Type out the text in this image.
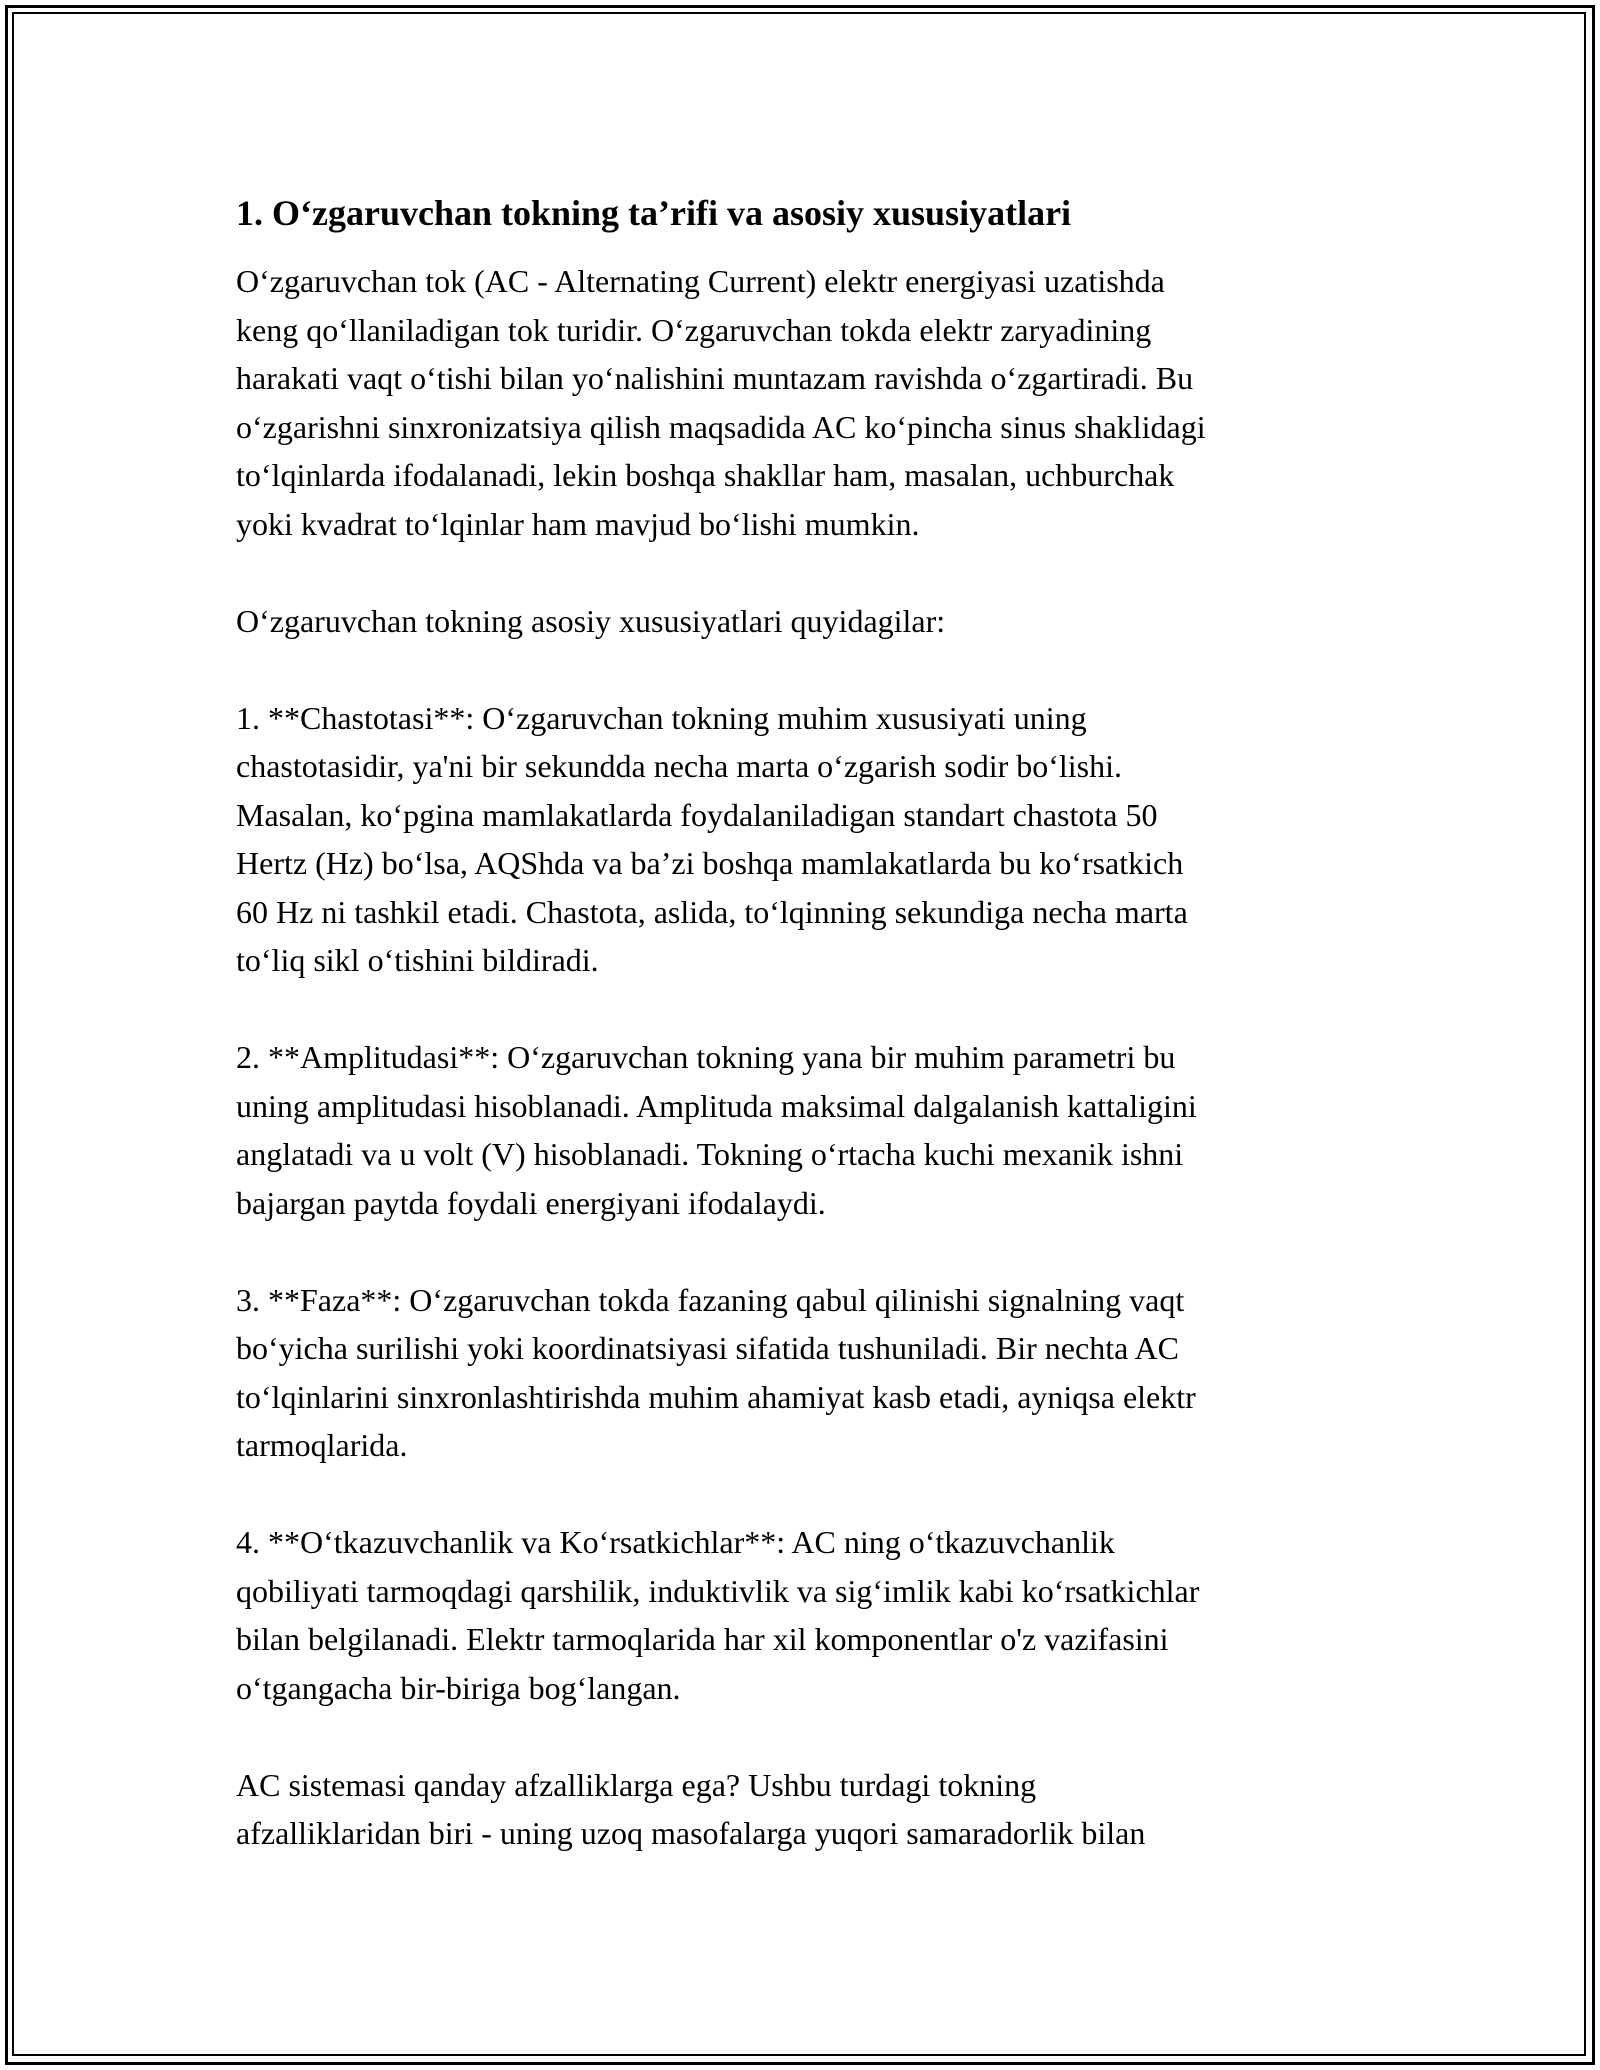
1. O‘zgaruvchan tokning ta’rifi va asosiy xususiyatlari
O‘zgaruvchan tok (AC - Alternating Current) elektr energiyasi uzatishda
keng qo‘llaniladigan tok turidir. O‘zgaruvchan tokda elektr zaryadining
harakati vaqt o‘tishi bilan yo‘nalishini muntazam ravishda o‘zgartiradi. Bu
o‘zgarishni sinxronizatsiya qilish maqsadida AC ko‘pincha sinus shaklidagi
to‘lqinlarda ifodalanadi, lekin boshqa shakllar ham, masalan, uchburchak
yoki kvadrat to‘lqinlar ham mavjud bo‘lishi mumkin.
O‘zgaruvchan tokning asosiy xususiyatlari quyidagilar:
1. **Chastotasi**: O‘zgaruvchan tokning muhim xususiyati uning
chastotasidir, ya'ni bir sekundda necha marta o‘zgarish sodir bo‘lishi.
Masalan, ko‘pgina mamlakatlarda foydalaniladigan standart chastota 50
Hertz (Hz) bo‘lsa, AQShda va ba’zi boshqa mamlakatlarda bu ko‘rsatkich
60 Hz ni tashkil etadi. Chastota, aslida, to‘lqinning sekundiga necha marta
to‘liq sikl o‘tishini bildiradi.
2. **Amplitudasi**: O‘zgaruvchan tokning yana bir muhim parametri bu
uning amplitudasi hisoblanadi. Amplituda maksimal dalgalanish kattaligini
anglatadi va u volt (V) hisoblanadi. Tokning o‘rtacha kuchi mexanik ishni
bajargan paytda foydali energiyani ifodalaydi.
3. **Faza**: O‘zgaruvchan tokda fazaning qabul qilinishi signalning vaqt
bo‘yicha surilishi yoki koordinatsiyasi sifatida tushuniladi. Bir nechta AC
to‘lqinlarini sinxronlashtirishda muhim ahamiyat kasb etadi, ayniqsa elektr
tarmoqlarida.
4. **O‘tkazuvchanlik va Ko‘rsatkichlar**: AC ning o‘tkazuvchanlik
qobiliyati tarmoqdagi qarshilik, induktivlik va sig‘imlik kabi ko‘rsatkichlar
bilan belgilanadi. Elektr tarmoqlarida har xil komponentlar o'z vazifasini
o‘tgangacha bir-biriga bog‘langan.
AC sistemasi qanday afzalliklarga ega? Ushbu turdagi tokning
afzalliklaridan biri - uning uzoq masofalarga yuqori samaradorlik bilan
